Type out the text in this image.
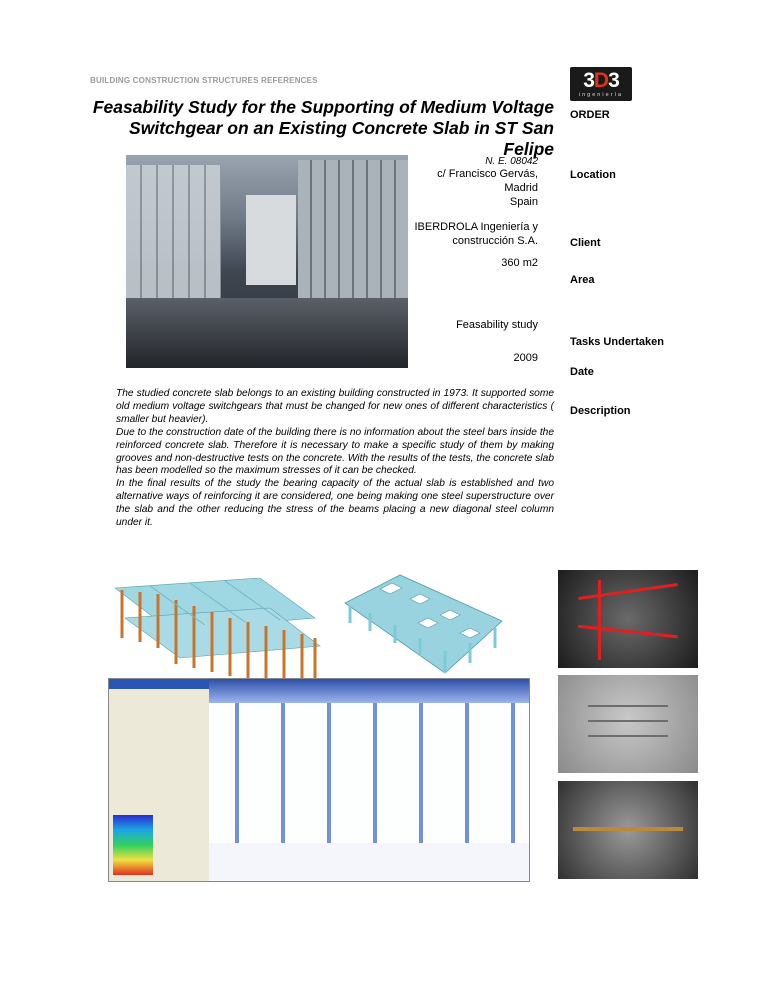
BUILDING CONSTRUCTION STRUCTURES REFERENCES	3D3
ingeniería
Feasability Study for the Supporting of Medium Voltage Switchgear on an Existing Concrete Slab in ST San Felipe
ORDER
Location
Client
Area
Tasks Undertaken
Date
Description
N. E. 08042
c/ Francisco Gervás,
Madrid
Spain
IBERDROLA Ingeniería y
construcción S.A.
360 m2
Feasability study
2009
The studied concrete slab belongs to an existing building constructed in 1973. It supported some old medium voltage switchgears that must be changed for new ones of different characteristics ( smaller but heavier).
Due to the construction date of the building there is no information about the steel bars inside the reinforced concrete slab. Therefore it is necessary to make a specific study of them by making grooves and non-destructive tests on the concrete. With the results of the tests, the concrete slab has been modelled so the maximum stresses of it can be checked.
In the final results of the study the bearing capacity of the actual slab is established and two alternative ways of reinforcing it are considered, one being making one steel superstructure over the slab and the other reducing the stress of the beams placing a new diagonal steel column under it.
